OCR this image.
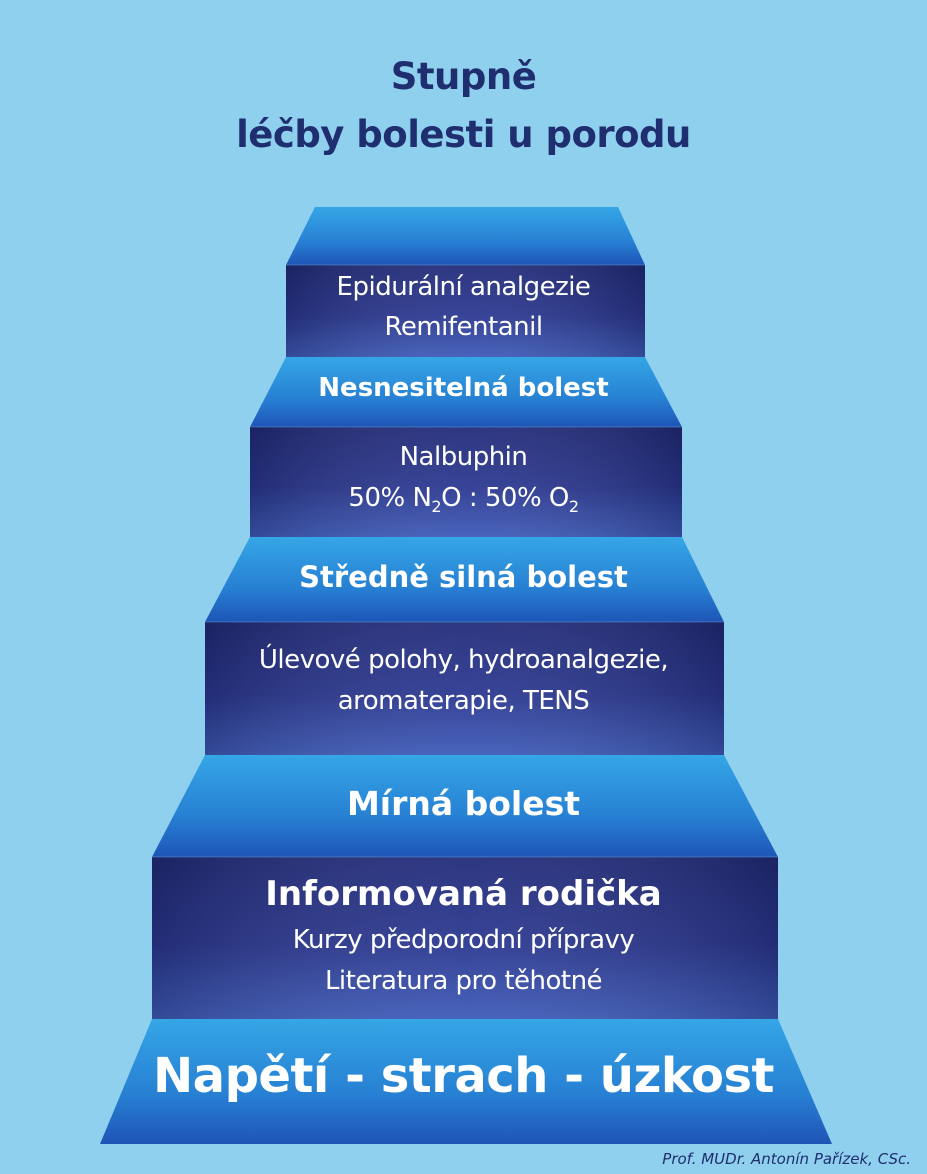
Stupně
léčby bolesti u porodu
Epidurální analgezie
Remifentanil
Nesnesitelná bolest
Nalbuphin
50% $N_2O$ : 50% $O_2$
Středně silná bolest
Úlevové polohy, hydroanalgezie,
aromaterapie, TENS
Mírná bolest
Informovaná rodička
Kurzy předporodní přípravy
Literatura pro těhotné
Napětí - strach - úzkost
Prof. MUDr. Antonín Pařízek, CSc.
